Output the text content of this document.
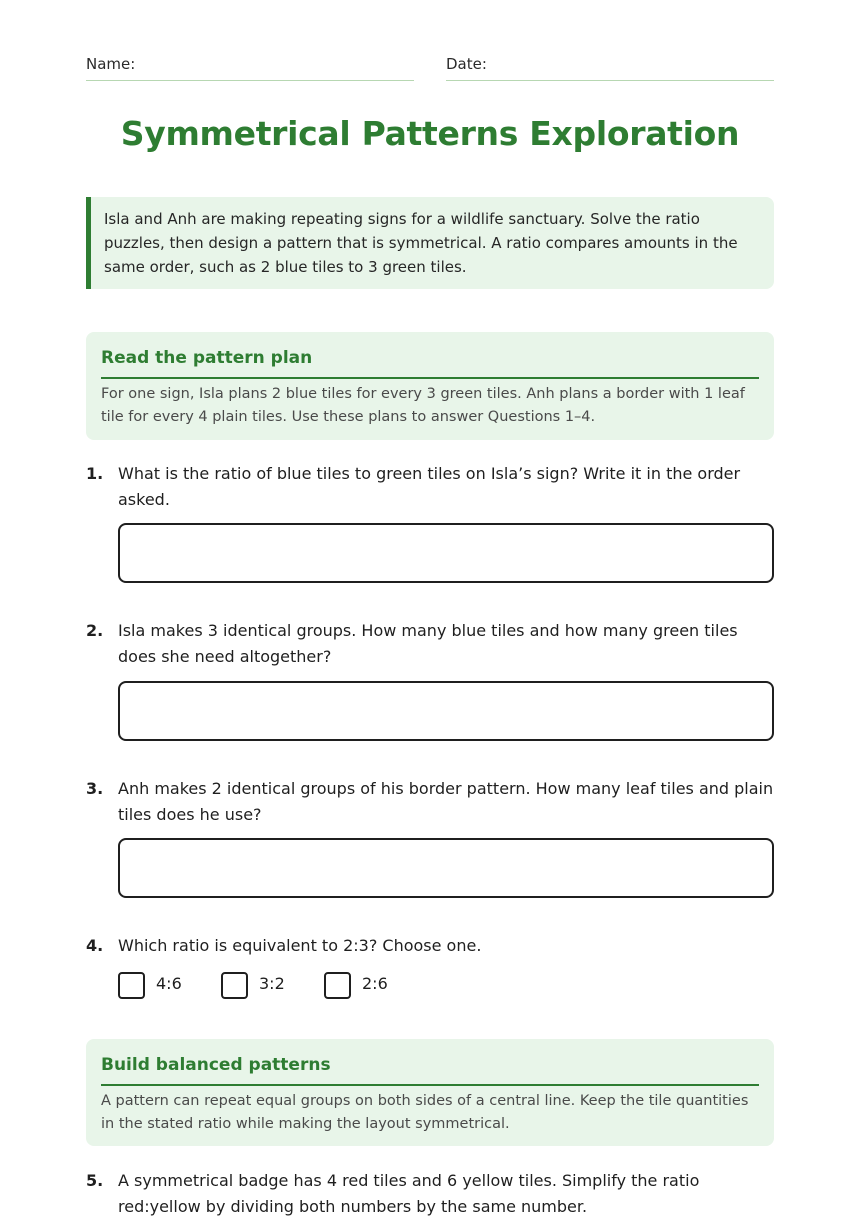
Name:	Date:
Symmetrical Patterns Exploration
Isla and Anh are making repeating signs for a wildlife sanctuary. Solve the ratio puzzles, then design a pattern that is symmetrical. A ratio compares amounts in the same order, such as 2 blue tiles to 3 green tiles.
Read the pattern plan
For one sign, Isla plans 2 blue tiles for every 3 green tiles. Anh plans a border with 1 leaf tile for every 4 plain tiles. Use these plans to answer Questions 1–4.
1. What is the ratio of blue tiles to green tiles on Isla’s sign? Write it in the order asked.
2. Isla makes 3 identical groups. How many blue tiles and how many green tiles does she need altogether?
3. Anh makes 2 identical groups of his border pattern. How many leaf tiles and plain tiles does he use?
4. Which ratio is equivalent to 2:3? Choose one.
4:6	3:2	2:6
Build balanced patterns
A pattern can repeat equal groups on both sides of a central line. Keep the tile quantities in the stated ratio while making the layout symmetrical.
5. A symmetrical badge has 4 red tiles and 6 yellow tiles. Simplify the ratio red:yellow by dividing both numbers by the same number.
